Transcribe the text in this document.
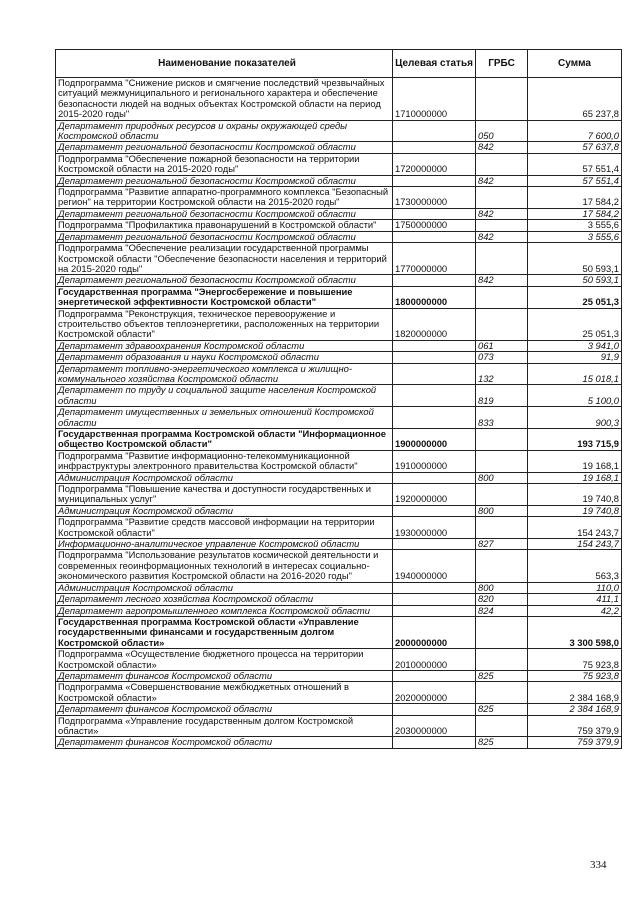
Наименование показателей	Целевая статья	ГРБС	Сумма
Подпрограмма "Снижение рисков и смягчение последствий чрезвычайных ситуаций межмуниципального и регионального характера и обеспечение безопасности людей на водных объектах Костромской области на период 2015-2020 годы"	1710000000		65 237,8
Департамент природных ресурсов и охраны окружающей среды Костромской области		050	7 600,0
Департамент региональной безопасности Костромской области		842	57 637,8
Подпрограмма "Обеспечение пожарной безопасности на территории Костромской области на 2015-2020 годы"	1720000000		57 551,4
Департамент региональной безопасности Костромской области		842	57 551,4
Подпрограмма "Развитие аппаратно-программного комплекса "Безопасный регион" на территории Костромской области на 2015-2020 годы"	1730000000		17 584,2
Департамент региональной безопасности Костромской области		842	17 584,2
Подпрограмма "Профилактика правонарушений в Костромской области"	1750000000		3 555,6
Департамент региональной безопасности Костромской области		842	3 555,6
Подпрограмма "Обеспечение реализации государственной программы Костромской области "Обеспечение безопасности населения и территорий на 2015-2020 годы"	1770000000		50 593,1
Департамент региональной безопасности Костромской области		842	50 593,1
Государственная программа "Энергосбережение и повышение энергетической эффективности Костромской области"	1800000000		25 051,3
Подпрограмма "Реконструкция, техническое перевооружение и строительство объектов теплоэнергетики, расположенных на территории Костромской области"	1820000000		25 051,3
Департамент здравоохранения Костромской области		061	3 941,0
Департамент образования и науки Костромской области		073	91,9
Департамент топливно-энергетического комплекса и жилищно-коммунального хозяйства Костромской области		132	15 018,1
Департамент по труду и социальной защите населения Костромской области		819	5 100,0
Департамент имущественных и земельных отношений Костромской области		833	900,3
Государственная программа Костромской области "Информационное общество Костромской области"	1900000000		193 715,9
Подпрограмма "Развитие информационно-телекоммуникационной инфраструктуры электронного правительства Костромской области"	1910000000		19 168,1
Администрация Костромской области		800	19 168,1
Подпрограмма "Повышение качества и доступности государственных и муниципальных услуг"	1920000000		19 740,8
Администрация Костромской области		800	19 740,8
Подпрограмма "Развитие средств массовой информации на территории Костромской области"	1930000000		154 243,7
Информационно-аналитическое управление Костромской области		827	154 243,7
Подпрограмма "Использование результатов космической деятельности и современных геоинформационных технологий в интересах социально-экономического развития Костромской области на 2016-2020 годы"	1940000000		563,3
Администрация Костромской области		800	110,0
Департамент лесного хозяйства Костромской области		820	411,1
Департамент агропромышленного комплекса Костромской области		824	42,2
Государственная программа Костромской области «Управление государственными финансами и государственным долгом Костромской области»	2000000000		3 300 598,0
Подпрограмма «Осуществление бюджетного процесса на территории Костромской области»	2010000000		75 923,8
Департамент финансов Костромской области		825	75 923,8
Подпрограмма «Совершенствование межбюджетных отношений в Костромской области»	2020000000		2 384 168,9
Департамент финансов Костромской области		825	2 384 168,9
Подпрограмма «Управление государственным долгом Костромской области»	2030000000		759 379,9
Департамент финансов Костромской области		825	759 379,9
334
